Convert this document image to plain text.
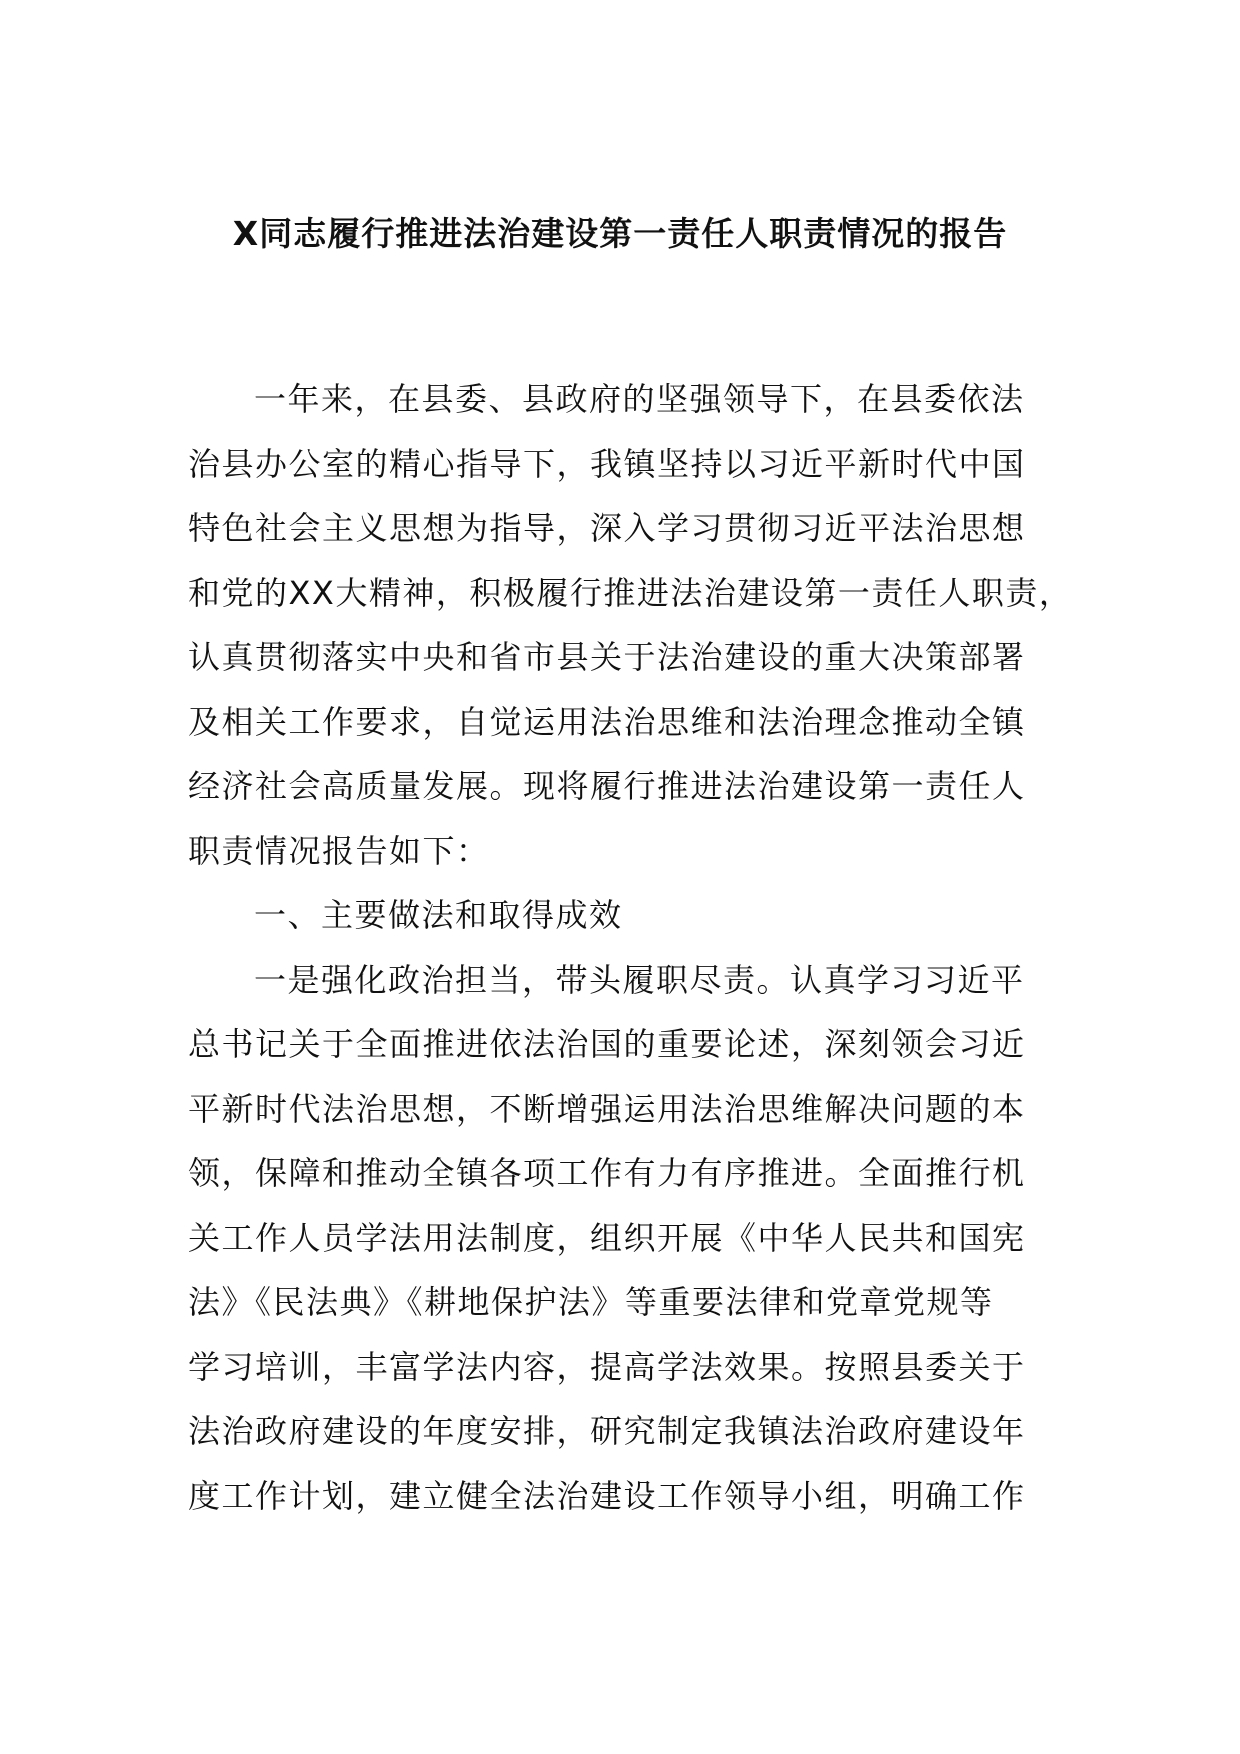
X同志履行推进法治建设第一责任人职责情况的报告
一年来，在县委、县政府的坚强领导下，在县委依法
治县办公室的精心指导下，我镇坚持以习近平新时代中国
特色社会主义思想为指导，深入学习贯彻习近平法治思想
和党的XX大精神，积极履行推进法治建设第一责任人职责，
认真贯彻落实中央和省市县关于法治建设的重大决策部署
及相关工作要求，自觉运用法治思维和法治理念推动全镇
经济社会高质量发展。现将履行推进法治建设第一责任人
职责情况报告如下：
一、主要做法和取得成效
一是强化政治担当，带头履职尽责。认真学习习近平
总书记关于全面推进依法治国的重要论述，深刻领会习近
平新时代法治思想，不断增强运用法治思维解决问题的本
领，保障和推动全镇各项工作有力有序推进。全面推行机
关工作人员学法用法制度，组织开展《中华人民共和国宪
法》《民法典》《耕地保护法》等重要法律和党章党规等
学习培训，丰富学法内容，提高学法效果。按照县委关于
法治政府建设的年度安排，研究制定我镇法治政府建设年
度工作计划，建立健全法治建设工作领导小组，明确工作
